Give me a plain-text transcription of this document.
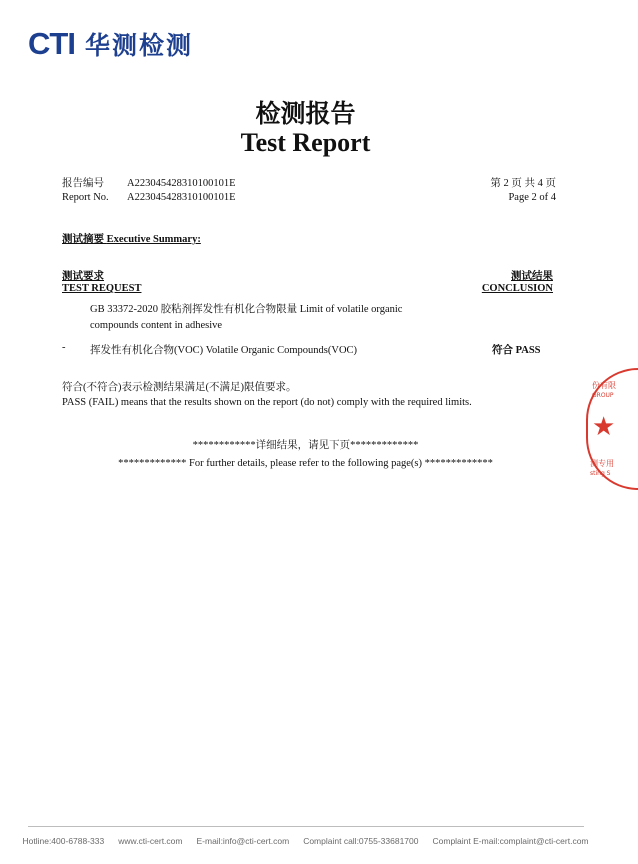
CTI 华测检测
检测报告
Test Report
报告编号
Report No.
A223045428310100101E
A223045428310100101E
第 2 页 共 4 页
Page 2 of 4
测试摘要 Executive Summary:
测试要求
TEST REQUEST
测试结果
CONCLUSION
GB 33372-2020 胶粘剂挥发性有机化合物限量 Limit of volatile organic
compounds content in adhesive
- 挥发性有机化合物(VOC) Volatile Organic Compounds(VOC)	符合 PASS
符合(不符合)表示检测结果满足(不满足)限值要求。
PASS (FAIL) means that the results shown on the report (do not) comply with the required limits.
************详细结果，请见下页*************
************* For further details, please refer to the following page(s) *************
份有限
GROUP
★
测专用
sting S
Hotline:400-6788-333 www.cti-cert.com E-mail:info@cti-cert.com Complaint call:0755-33681700 Complaint E-mail:complaint@cti-cert.com
